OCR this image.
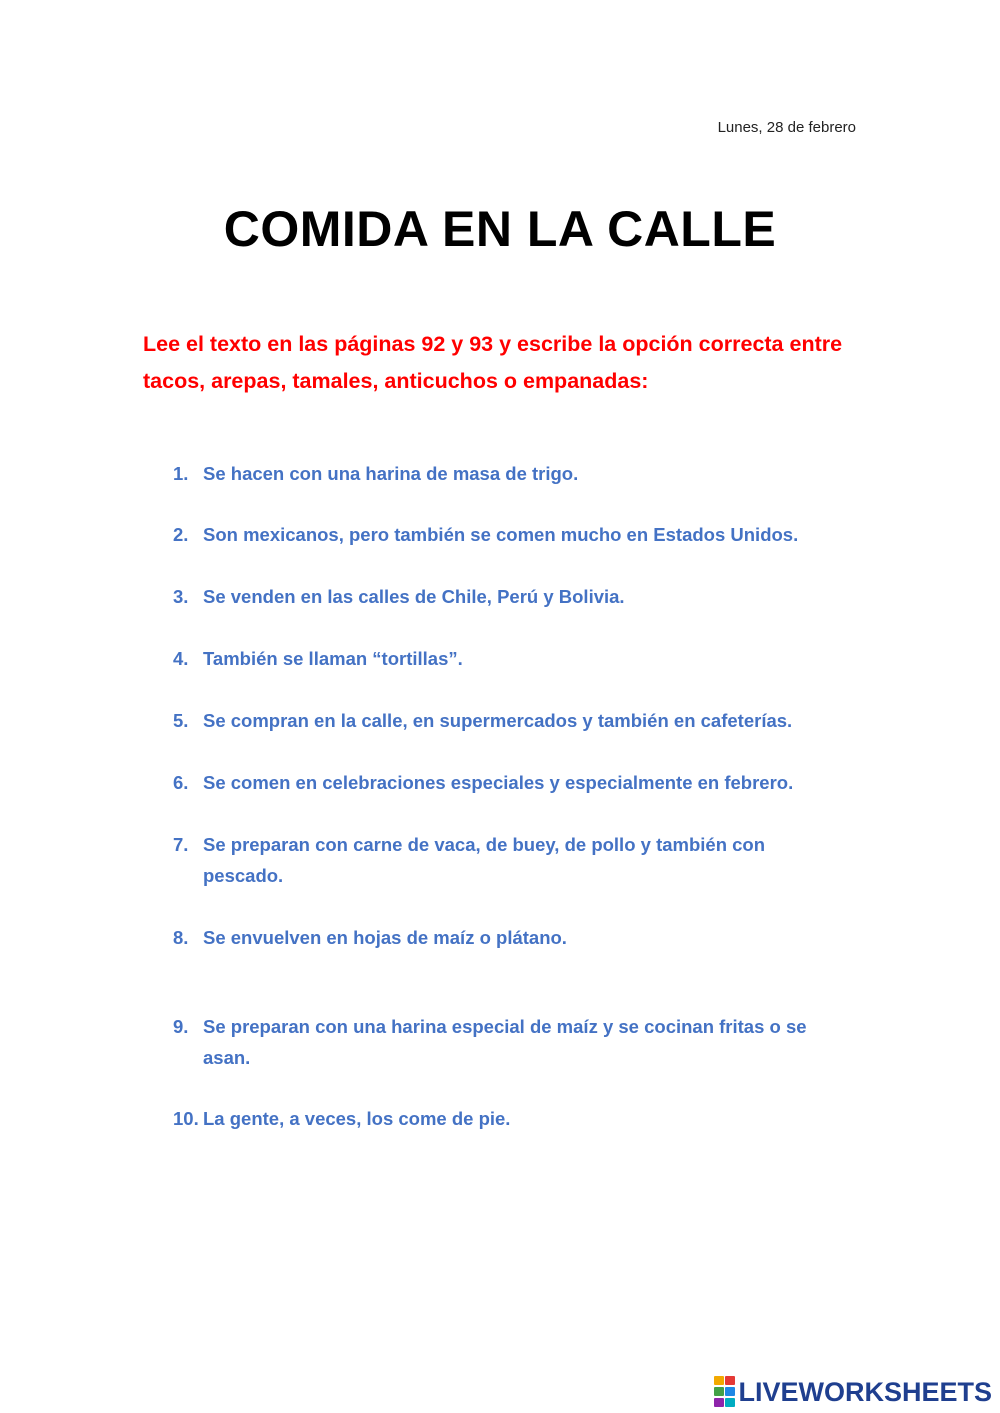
Lunes, 28 de febrero
COMIDA EN LA CALLE
Lee el texto en las páginas 92 y 93 y escribe la opción correcta entre tacos, arepas, tamales, anticuchos o empanadas:
1. Se hacen con una harina de masa de trigo.
2. Son mexicanos, pero también se comen mucho en Estados Unidos.
3. Se venden en las calles de Chile, Perú y Bolivia.
4. También se llaman “tortillas”.
5. Se compran en la calle, en supermercados y también en cafeterías.
6. Se comen en celebraciones especiales y especialmente en febrero.
7. Se preparan con carne de vaca, de buey, de pollo y también con pescado.
8. Se envuelven en hojas de maíz o plátano.
9. Se preparan con una harina especial de maíz y se cocinan fritas o se asan.
10. La gente, a veces, los come de pie.
LIVEWORKSHEETS
